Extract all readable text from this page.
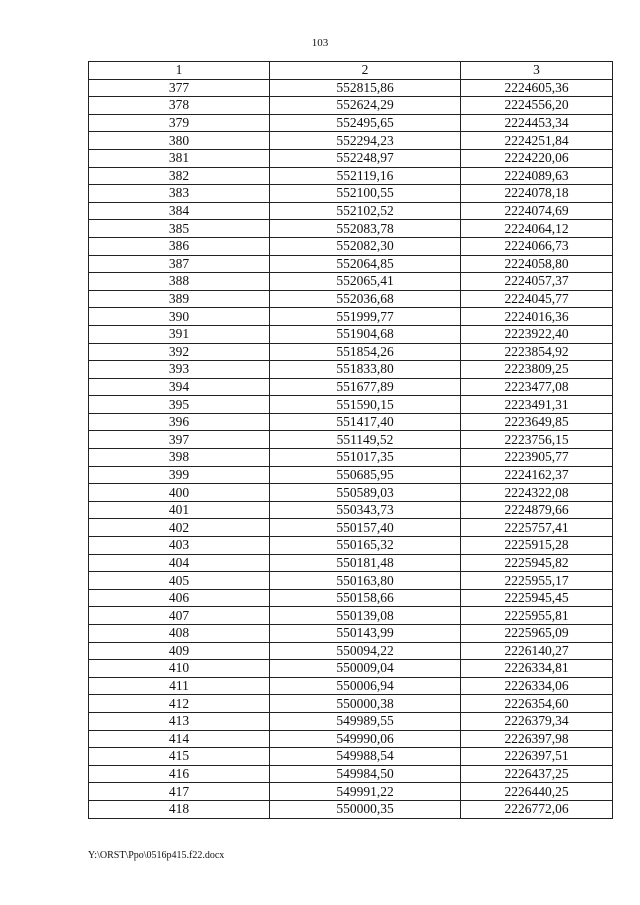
103
1	2	3
377	552815,86	2224605,36
378	552624,29	2224556,20
379	552495,65	2224453,34
380	552294,23	2224251,84
381	552248,97	2224220,06
382	552119,16	2224089,63
383	552100,55	2224078,18
384	552102,52	2224074,69
385	552083,78	2224064,12
386	552082,30	2224066,73
387	552064,85	2224058,80
388	552065,41	2224057,37
389	552036,68	2224045,77
390	551999,77	2224016,36
391	551904,68	2223922,40
392	551854,26	2223854,92
393	551833,80	2223809,25
394	551677,89	2223477,08
395	551590,15	2223491,31
396	551417,40	2223649,85
397	551149,52	2223756,15
398	551017,35	2223905,77
399	550685,95	2224162,37
400	550589,03	2224322,08
401	550343,73	2224879,66
402	550157,40	2225757,41
403	550165,32	2225915,28
404	550181,48	2225945,82
405	550163,80	2225955,17
406	550158,66	2225945,45
407	550139,08	2225955,81
408	550143,99	2225965,09
409	550094,22	2226140,27
410	550009,04	2226334,81
411	550006,94	2226334,06
412	550000,38	2226354,60
413	549989,55	2226379,34
414	549990,06	2226397,98
415	549988,54	2226397,51
416	549984,50	2226437,25
417	549991,22	2226440,25
418	550000,35	2226772,06
Y:\ORST\Ppo\0516p415.f22.docx
